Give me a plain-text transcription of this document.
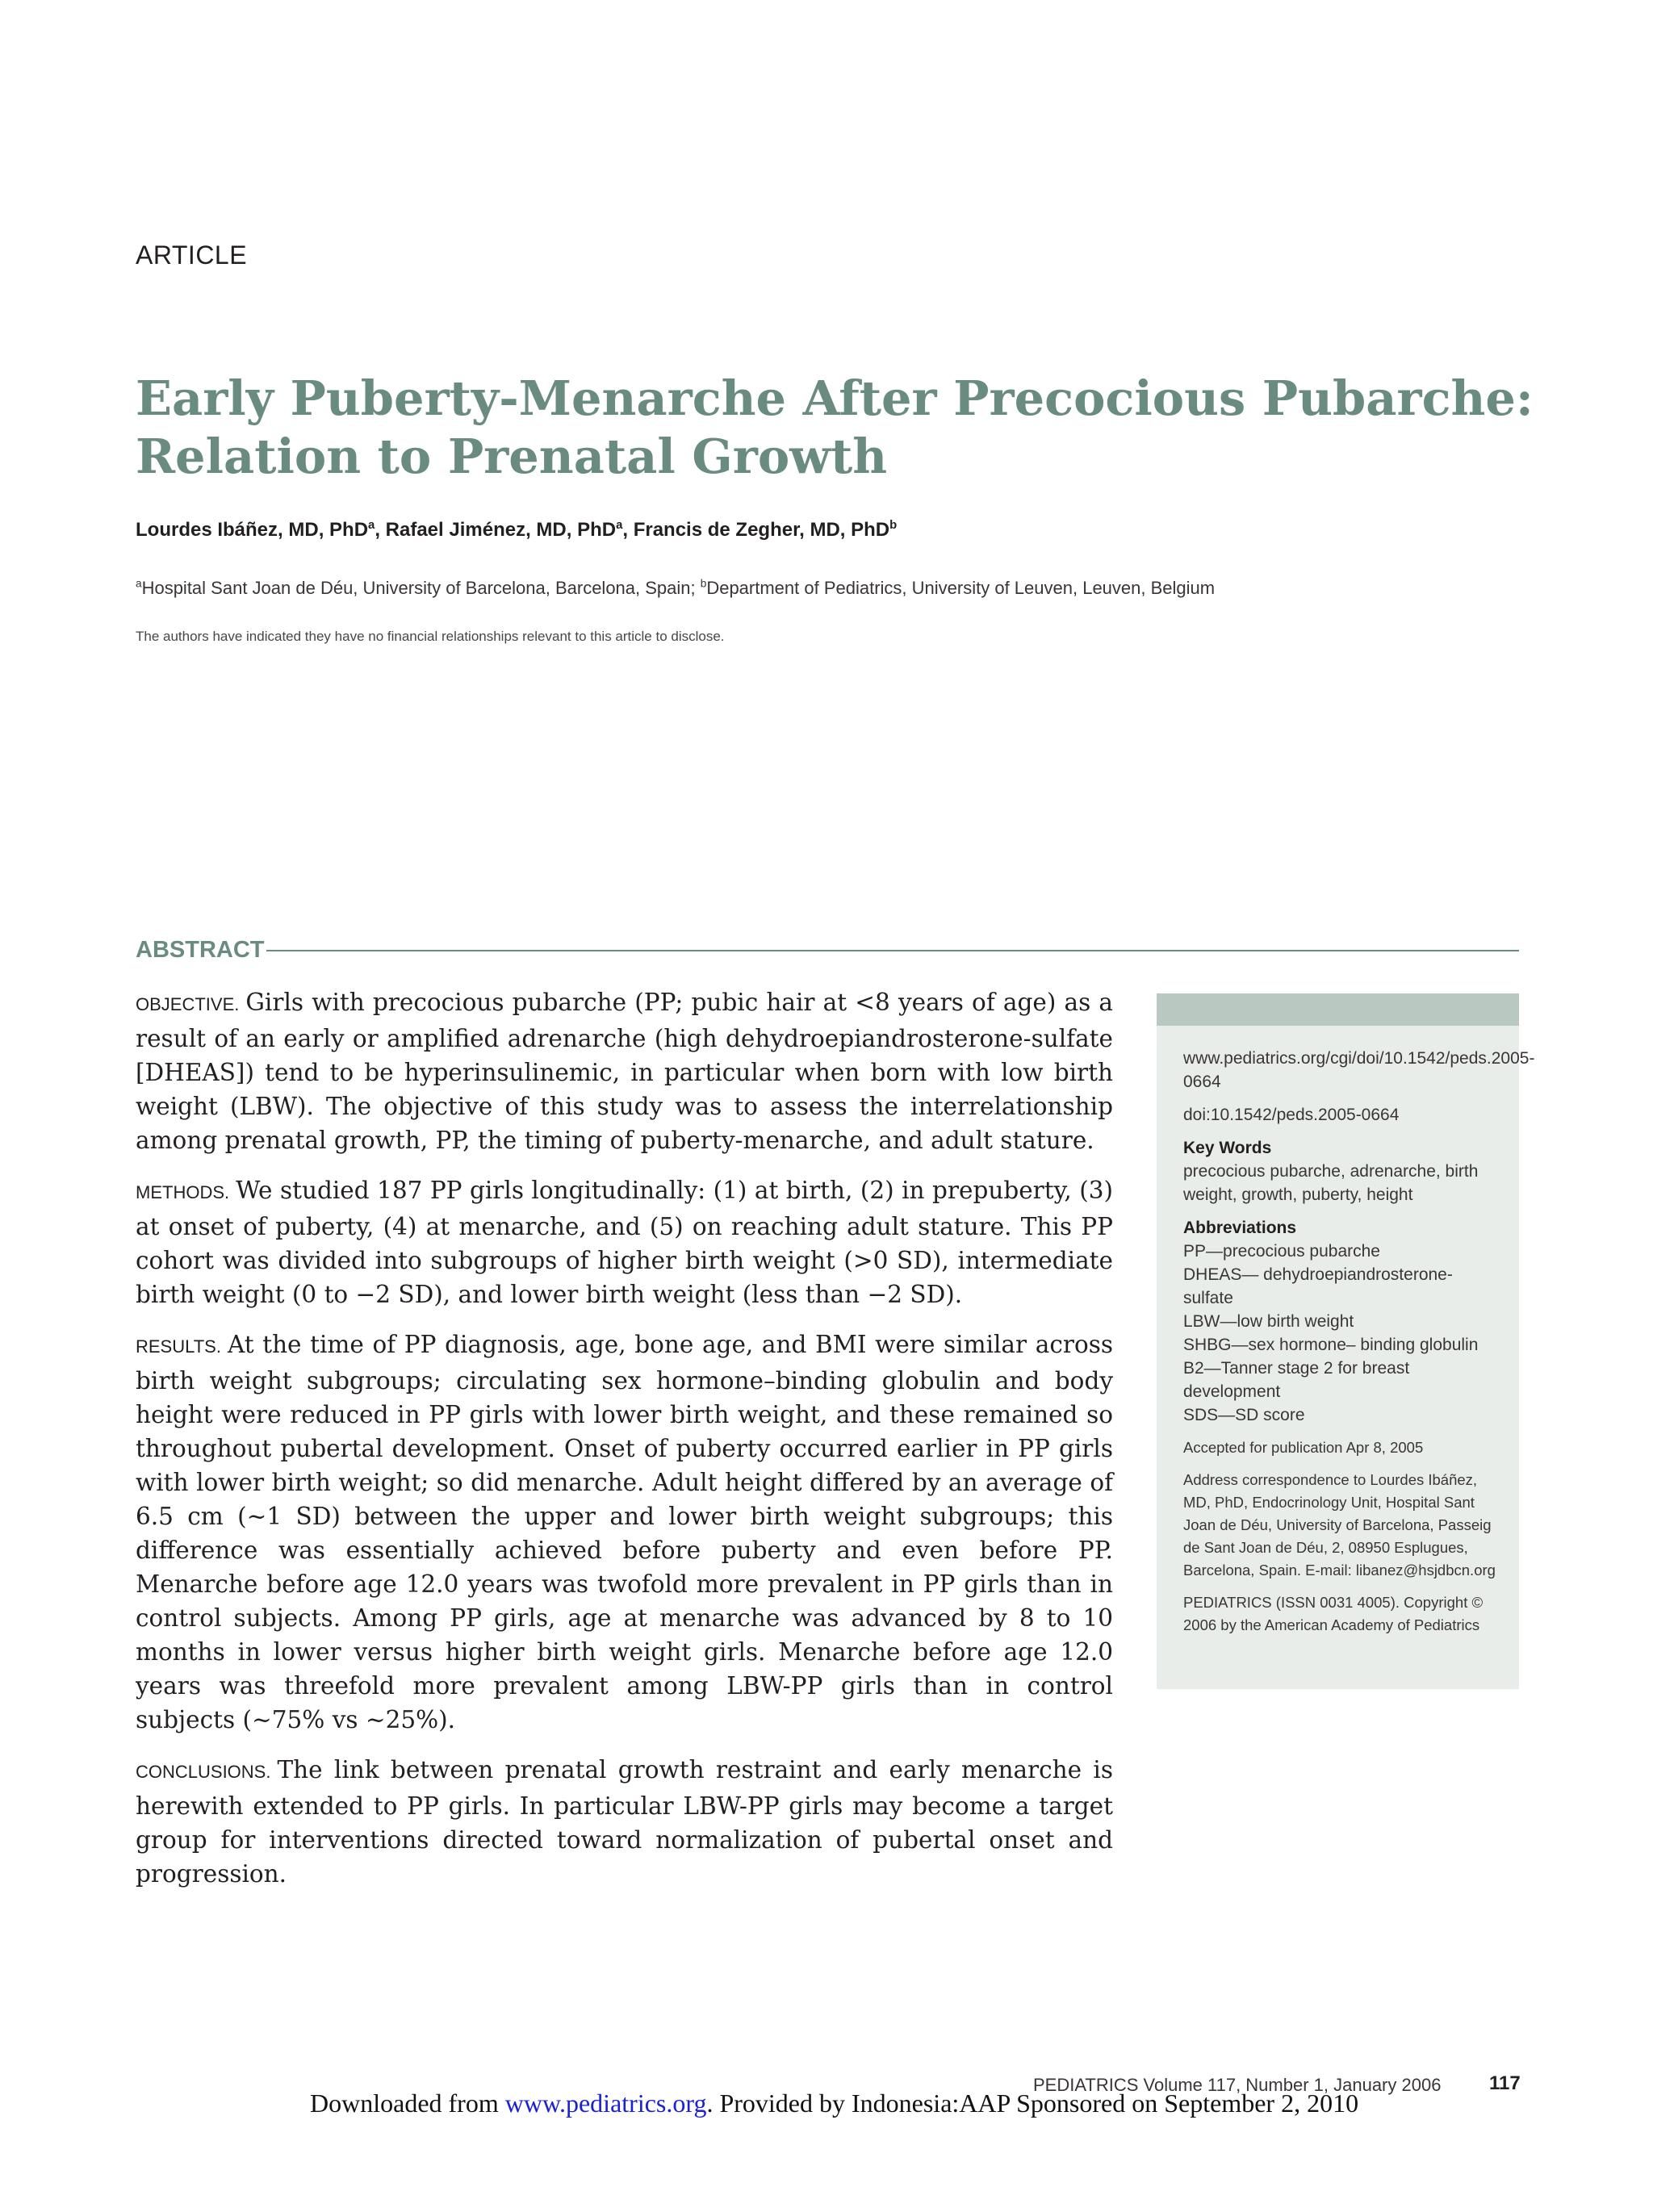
ARTICLE
Early Puberty-Menarche After Precocious Pubarche:
Relation to Prenatal Growth
Lourdes Ibáñez, MD, PhD$^a$, Rafael Jiménez, MD, PhD$^a$, Francis de Zegher, MD, PhD$^b$
$^a$Hospital Sant Joan de Déu, University of Barcelona, Barcelona, Spain; $^b$Department of Pediatrics, University of Leuven, Leuven, Belgium
The authors have indicated they have no financial relationships relevant to this article to disclose.
ABSTRACT

OBJECTIVE. Girls with precocious pubarche (PP; pubic hair at <8 years of age) as a result of an early or amplified adrenarche (high dehydroepiandrosterone-sulfate [DHEAS]) tend to be hyperinsulinemic, in particular when born with low birth weight (LBW). The objective of this study was to assess the interrelationship among prenatal growth, PP, the timing of puberty-menarche, and adult stature.

METHODS. We studied 187 PP girls longitudinally: (1) at birth, (2) in prepuberty, (3) at onset of puberty, (4) at menarche, and (5) on reaching adult stature. This PP cohort was divided into subgroups of higher birth weight (>0 SD), intermediate birth weight (0 to −2 SD), and lower birth weight (less than −2 SD).

RESULTS. At the time of PP diagnosis, age, bone age, and BMI were similar across birth weight subgroups; circulating sex hormone–binding globulin and body height were reduced in PP girls with lower birth weight, and these remained so throughout pubertal development. Onset of puberty occurred earlier in PP girls with lower birth weight; so did menarche. Adult height differed by an average of 6.5 cm (~1 SD) between the upper and lower birth weight subgroups; this difference was essentially achieved before puberty and even before PP. Menarche before age 12.0 years was twofold more prevalent in PP girls than in control subjects. Among PP girls, age at menarche was advanced by 8 to 10 months in lower versus higher birth weight girls. Menarche before age 12.0 years was threefold more prevalent among LBW-PP girls than in control subjects (~75% vs ~25%).

CONCLUSIONS. The link between prenatal growth restraint and early menarche is herewith extended to PP girls. In particular LBW-PP girls may become a target group for interventions directed toward normalization of pubertal onset and progression.

www.pediatrics.org/cgi/doi/10.1542/peds.2005-0664
doi:10.1542/peds.2005-0664
Key Words
precocious pubarche, adrenarche, birth weight, growth, puberty, height
Abbreviations
PP—precocious pubarche
DHEAS— dehydroepiandrosterone-sulfate
LBW—low birth weight
SHBG—sex hormone– binding globulin
B2—Tanner stage 2 for breast development
SDS—SD score
Accepted for publication Apr 8, 2005
Address correspondence to Lourdes Ibáñez, MD, PhD, Endocrinology Unit, Hospital Sant Joan de Déu, University of Barcelona, Passeig de Sant Joan de Déu, 2, 08950 Esplugues, Barcelona, Spain. E-mail: libanez@hsjdbcn.org
PEDIATRICS (ISSN 0031 4005). Copyright © 2006 by the American Academy of Pediatrics
PEDIATRICS Volume 117, Number 1, January 2006 117
Downloaded from www.pediatrics.org. Provided by Indonesia:AAP Sponsored on September 2, 2010
